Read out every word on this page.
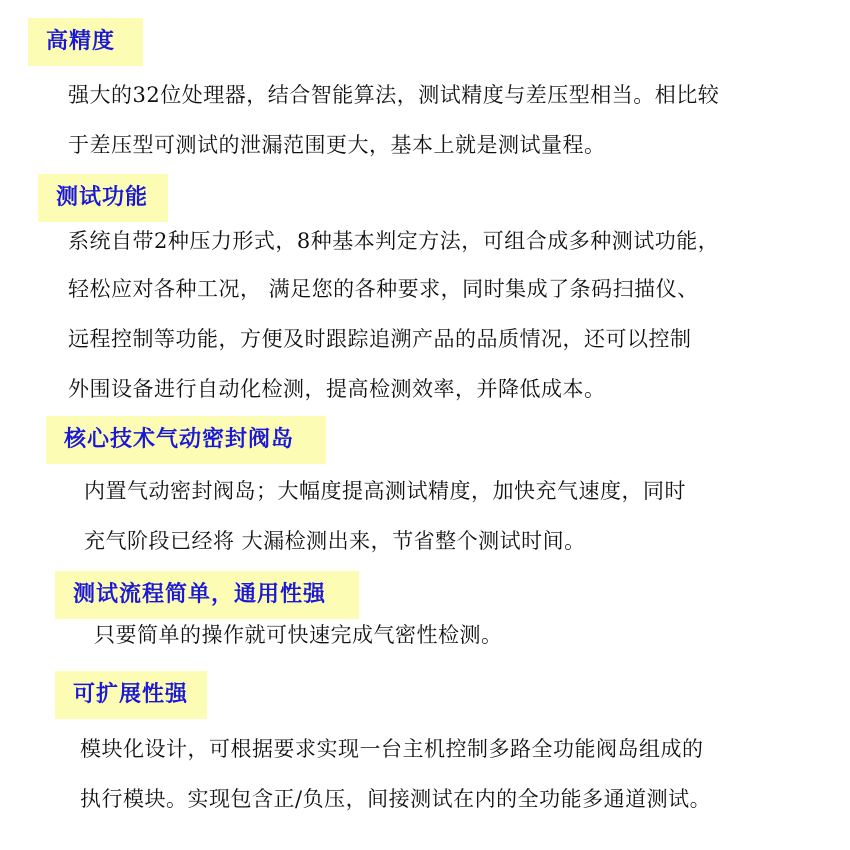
高精度
强大的32位处理器，结合智能算法，测试精度与差压型相当。相比较
于差压型可测试的泄漏范围更大，基本上就是测试量程。
测试功能
系统自带2种压力形式，8种基本判定方法，可组合成多种测试功能，
轻松应对各种工况， 满足您的各种要求，同时集成了条码扫描仪、
远程控制等功能，方便及时跟踪追溯产品的品质情况，还可以控制
外围设备进行自动化检测，提高检测效率，并降低成本。
核心技术气动密封阀岛
内置气动密封阀岛；大幅度提高测试精度，加快充气速度，同时
充气阶段已经将 大漏检测出来，节省整个测试时间。
测试流程简单，通用性强
只要简单的操作就可快速完成气密性检测。
可扩展性强
模块化设计，可根据要求实现一台主机控制多路全功能阀岛组成的
执行模块。实现包含正/负压，间接测试在内的全功能多通道测试。
